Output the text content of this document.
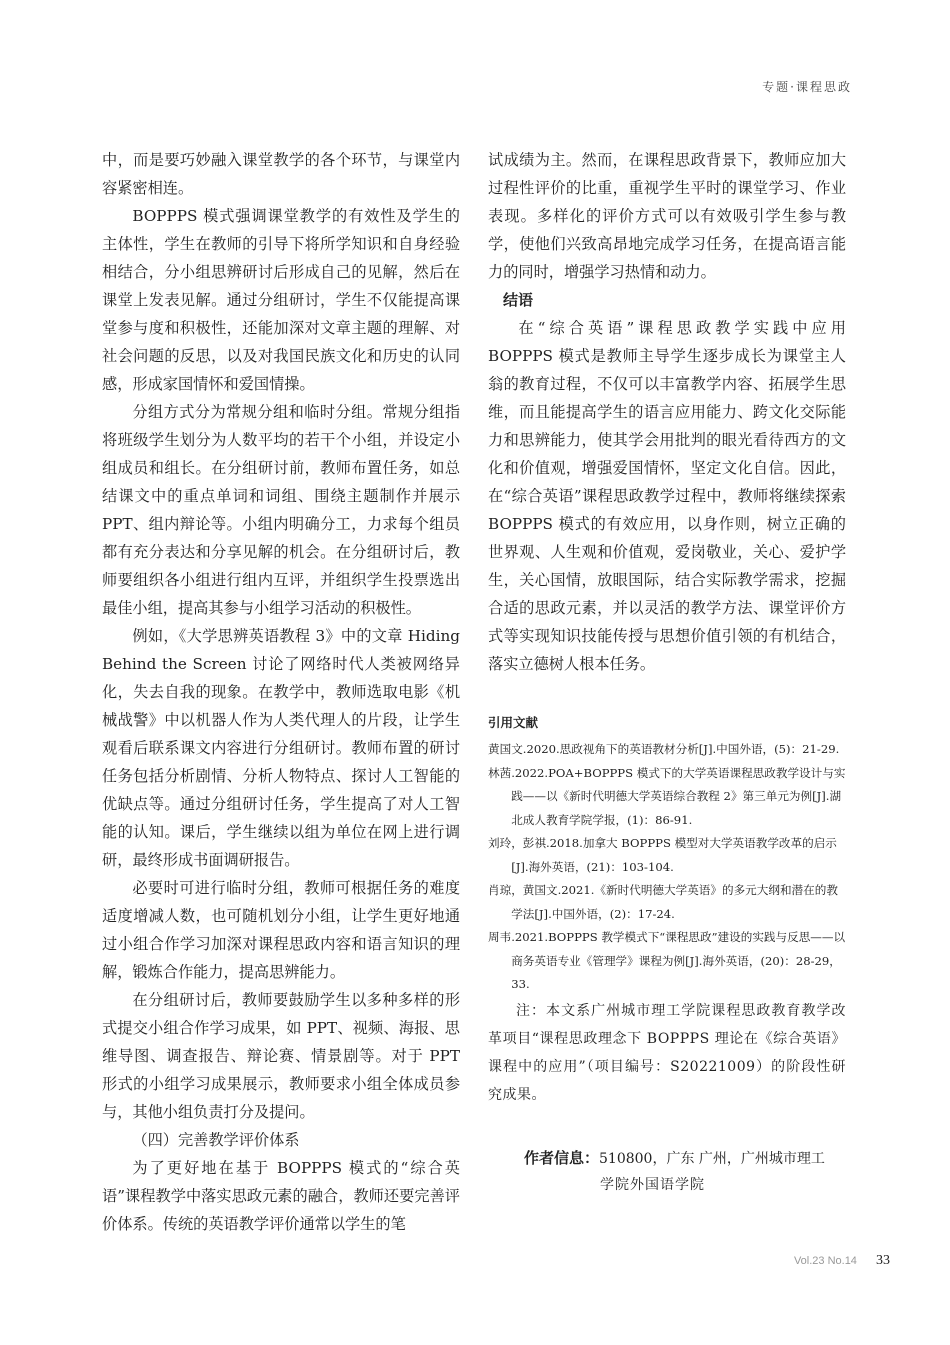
专题·课程思政

中，而是要巧妙融入课堂教学的各个环节，与课堂内容紧密相连。

BOPPPS 模式强调课堂教学的有效性及学生的主体性，学生在教师的引导下将所学知识和自身经验相结合，分小组思辨研讨后形成自己的见解，然后在课堂上发表见解。通过分组研讨，学生不仅能提高课堂参与度和积极性，还能加深对文章主题的理解、对社会问题的反思，以及对我国民族文化和历史的认同感，形成家国情怀和爱国情操。

分组方式分为常规分组和临时分组。常规分组指将班级学生划分为人数平均的若干个小组，并设定小组成员和组长。在分组研讨前，教师布置任务，如总结课文中的重点单词和词组、围绕主题制作并展示 PPT、组内辩论等。小组内明确分工，力求每个组员都有充分表达和分享见解的机会。在分组研讨后，教师要组织各小组进行组内互评，并组织学生投票选出最佳小组，提高其参与小组学习活动的积极性。

例如，《大学思辨英语教程 3》中的文章 Hiding Behind the Screen 讨论了网络时代人类被网络异化，失去自我的现象。在教学中，教师选取电影《机械战警》中以机器人作为人类代理人的片段，让学生观看后联系课文内容进行分组研讨。教师布置的研讨任务包括分析剧情、分析人物特点、探讨人工智能的优缺点等。通过分组研讨任务，学生提高了对人工智能的认知。课后，学生继续以组为单位在网上进行调研，最终形成书面调研报告。

必要时可进行临时分组，教师可根据任务的难度适度增减人数，也可随机划分小组，让学生更好地通过小组合作学习加深对课程思政内容和语言知识的理解，锻炼合作能力，提高思辨能力。

在分组研讨后，教师要鼓励学生以多种多样的形式提交小组合作学习成果，如 PPT、视频、海报、思维导图、调查报告、辩论赛、情景剧等。对于 PPT 形式的小组学习成果展示，教师要求小组全体成员参与，其他小组负责打分及提问。

（四）完善教学评价体系

为了更好地在基于 BOPPPS 模式的“综合英语”课程教学中落实思政元素的融合，教师还要完善评价体系。传统的英语教学评价通常以学生的笔

试成绩为主。然而，在课程思政背景下，教师应加大过程性评价的比重，重视学生平时的课堂学习、作业表现。多样化的评价方式可以有效吸引学生参与教学，使他们兴致高昂地完成学习任务，在提高语言能力的同时，增强学习热情和动力。

结语

在“综合英语”课程思政教学实践中应用 BOPPPS 模式是教师主导学生逐步成长为课堂主人翁的教育过程，不仅可以丰富教学内容、拓展学生思维，而且能提高学生的语言应用能力、跨文化交际能力和思辨能力，使其学会用批判的眼光看待西方的文化和价值观，增强爱国情怀，坚定文化自信。因此，在“综合英语”课程思政教学过程中，教师将继续探索 BOPPPS 模式的有效应用，以身作则，树立正确的世界观、人生观和价值观，爱岗敬业，关心、爱护学生，关心国情，放眼国际，结合实际教学需求，挖掘合适的思政元素，并以灵活的教学方法、课堂评价方式等实现知识技能传授与思想价值引领的有机结合，落实立德树人根本任务。

引用文献

黄国文.2020.思政视角下的英语教材分析[J].中国外语，(5)：21-29.

林茜.2022.POA+BOPPPS 模式下的大学英语课程思政教学设计与实践——以《新时代明德大学英语综合教程 2》第三单元为例[J].湖北成人教育学院学报，(1)：86-91.

刘玲，彭祺.2018.加拿大 BOPPPS 模型对大学英语教学改革的启示[J].海外英语，(21)：103-104.

肖琼，黄国文.2021.《新时代明德大学英语》的多元大纲和潜在的教学法[J].中国外语，(2)：17-24.

周韦.2021.BOPPPS 教学模式下“课程思政”建设的实践与反思——以商务英语专业《管理学》课程为例[J].海外英语，(20)：28-29，33.

注：本文系广州城市理工学院课程思政教育教学改革项目“课程思政理念下 BOPPPS 理论在《综合英语》课程中的应用”（项目编号：S20221009）的阶段性研究成果。

作者信息：510800，广东 广州，广州城市理工
学院外国语学院
Vol.23 No.14 33
